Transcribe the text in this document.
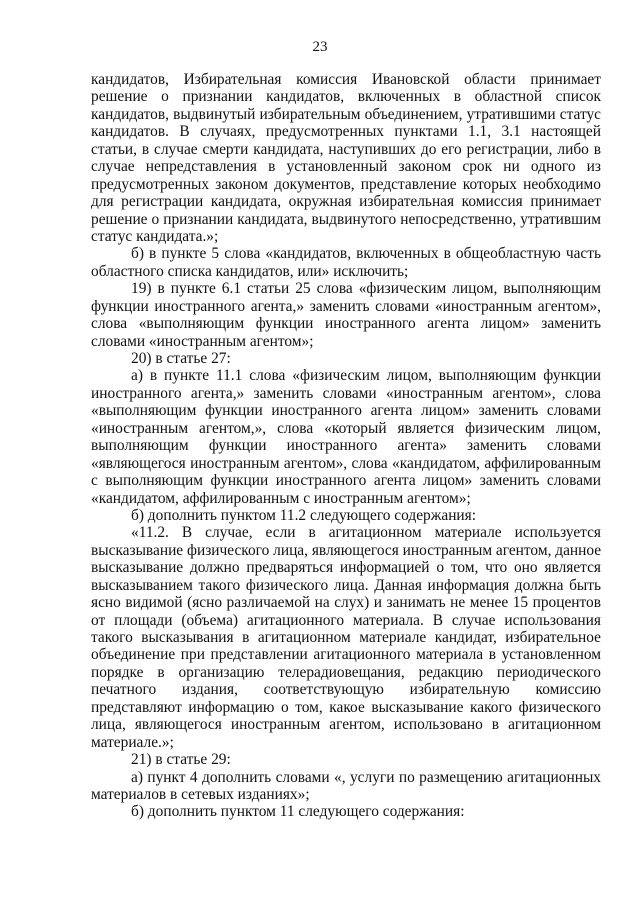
23
кандидатов, Избирательная комиссия Ивановской области принимает
решение о признании кандидатов, включенных в областной список
кандидатов, выдвинутый избирательным объединением, утратившими статус
кандидатов. В случаях, предусмотренных пунктами 1.1, 3.1 настоящей
статьи, в случае смерти кандидата, наступивших до его регистрации, либо в
случае непредставления в установленный законом срок ни одного из
предусмотренных законом документов, представление которых необходимо
для регистрации кандидата, окружная избирательная комиссия принимает
решение о признании кандидата, выдвинутого непосредственно, утратившим
статус кандидата.»;
б) в пункте 5 слова «кандидатов, включенных в общеобластную часть
областного списка кандидатов, или» исключить;
19) в пункте 6.1 статьи 25 слова «физическим лицом, выполняющим
функции иностранного агента,» заменить словами «иностранным агентом»,
слова «выполняющим функции иностранного агента лицом» заменить
словами «иностранным агентом»;
20) в статье 27:
а) в пункте 11.1 слова «физическим лицом, выполняющим функции
иностранного агента,» заменить словами «иностранным агентом», слова
«выполняющим функции иностранного агента лицом» заменить словами
«иностранным агентом,», слова «который является физическим лицом,
выполняющим функции иностранного агента» заменить словами
«являющегося иностранным агентом», слова «кандидатом, аффилированным
с выполняющим функции иностранного агента лицом» заменить словами
«кандидатом, аффилированным с иностранным агентом»;
б) дополнить пунктом 11.2 следующего содержания:
«11.2. В случае, если в агитационном материале используется
высказывание физического лица, являющегося иностранным агентом, данное
высказывание должно предваряться информацией о том, что оно является
высказыванием такого физического лица. Данная информация должна быть
ясно видимой (ясно различаемой на слух) и занимать не менее 15 процентов
от площади (объема) агитационного материала. В случае использования
такого высказывания в агитационном материале кандидат, избирательное
объединение при представлении агитационного материала в установленном
порядке в организацию телерадиовещания, редакцию периодического
печатного издания, соответствующую избирательную комиссию
представляют информацию о том, какое высказывание какого физического
лица, являющегося иностранным агентом, использовано в агитационном
материале.»;
21) в статье 29:
а) пункт 4 дополнить словами «, услуги по размещению агитационных
материалов в сетевых изданиях»;
б) дополнить пунктом 11 следующего содержания:
